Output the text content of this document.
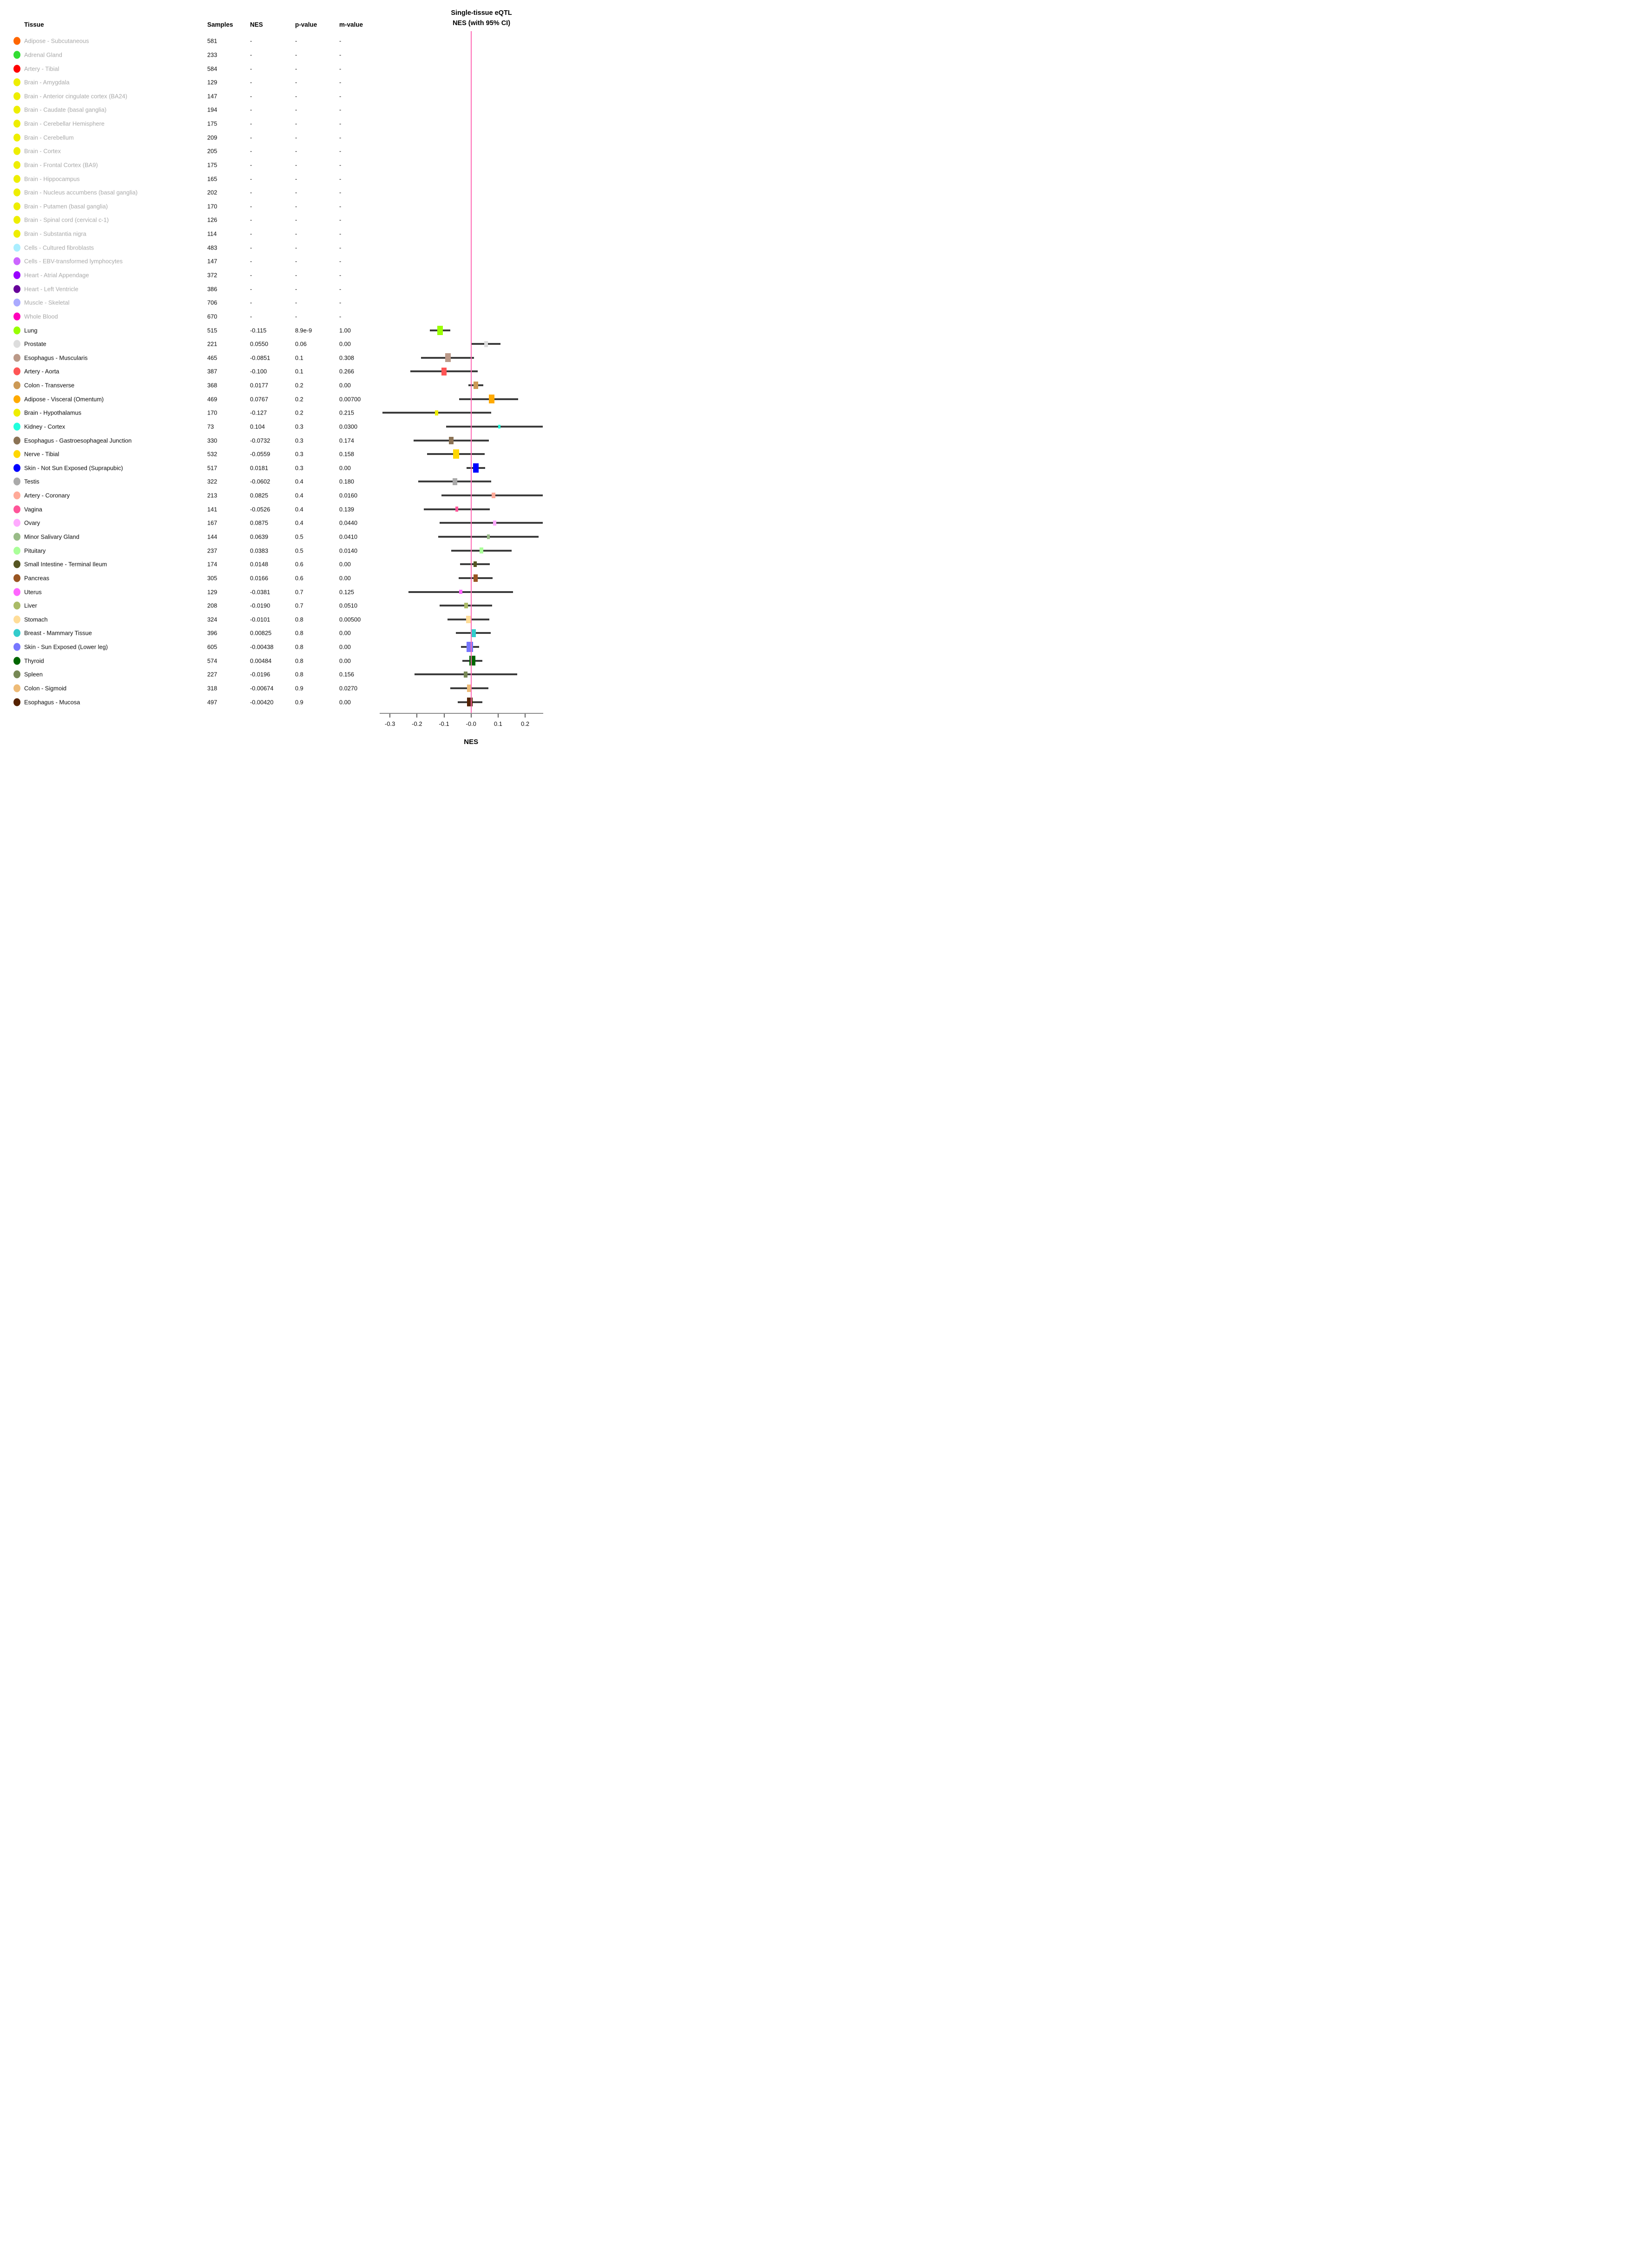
Single-tissue eQTL
NES (with 95% CI)
Tissue	Samples	NES	p-value	m-value
Adipose - Subcutaneous	581	-	-	-
Adrenal Gland	233	-	-	-
Artery - Tibial	584	-	-	-
Brain - Amygdala	129	-	-	-
Brain - Anterior cingulate cortex (BA24)	147	-	-	-
Brain - Caudate (basal ganglia)	194	-	-	-
Brain - Cerebellar Hemisphere	175	-	-	-
Brain - Cerebellum	209	-	-	-
Brain - Cortex	205	-	-	-
Brain - Frontal Cortex (BA9)	175	-	-	-
Brain - Hippocampus	165	-	-	-
Brain - Nucleus accumbens (basal ganglia)	202	-	-	-
Brain - Putamen (basal ganglia)	170	-	-	-
Brain - Spinal cord (cervical c-1)	126	-	-	-
Brain - Substantia nigra	114	-	-	-
Cells - Cultured fibroblasts	483	-	-	-
Cells - EBV-transformed lymphocytes	147	-	-	-
Heart - Atrial Appendage	372	-	-	-
Heart - Left Ventricle	386	-	-	-
Muscle - Skeletal	706	-	-	-
Whole Blood	670	-	-	-
Lung	515	-0.115	8.9e-9	1.00
Prostate	221	0.0550	0.06	0.00
Esophagus - Muscularis	465	-0.0851	0.1	0.308
Artery - Aorta	387	-0.100	0.1	0.266
Colon - Transverse	368	0.0177	0.2	0.00
Adipose - Visceral (Omentum)	469	0.0767	0.2	0.00700
Brain - Hypothalamus	170	-0.127	0.2	0.215
Kidney - Cortex	73	0.104	0.3	0.0300
Esophagus - Gastroesophageal Junction	330	-0.0732	0.3	0.174
Nerve - Tibial	532	-0.0559	0.3	0.158
Skin - Not Sun Exposed (Suprapubic)	517	0.0181	0.3	0.00
Testis	322	-0.0602	0.4	0.180
Artery - Coronary	213	0.0825	0.4	0.0160
Vagina	141	-0.0526	0.4	0.139
Ovary	167	0.0875	0.4	0.0440
Minor Salivary Gland	144	0.0639	0.5	0.0410
Pituitary	237	0.0383	0.5	0.0140
Small Intestine - Terminal Ileum	174	0.0148	0.6	0.00
Pancreas	305	0.0166	0.6	0.00
Uterus	129	-0.0381	0.7	0.125
Liver	208	-0.0190	0.7	0.0510
Stomach	324	-0.0101	0.8	0.00500
Breast - Mammary Tissue	396	0.00825	0.8	0.00
Skin - Sun Exposed (Lower leg)	605	-0.00438	0.8	0.00
Thyroid	574	0.00484	0.8	0.00
Spleen	227	-0.0196	0.8	0.156
Colon - Sigmoid	318	-0.00674	0.9	0.0270
Esophagus - Mucosa	497	-0.00420	0.9	0.00
-0.3	-0.2	-0.1	-0.0	0.1	0.2
NES
